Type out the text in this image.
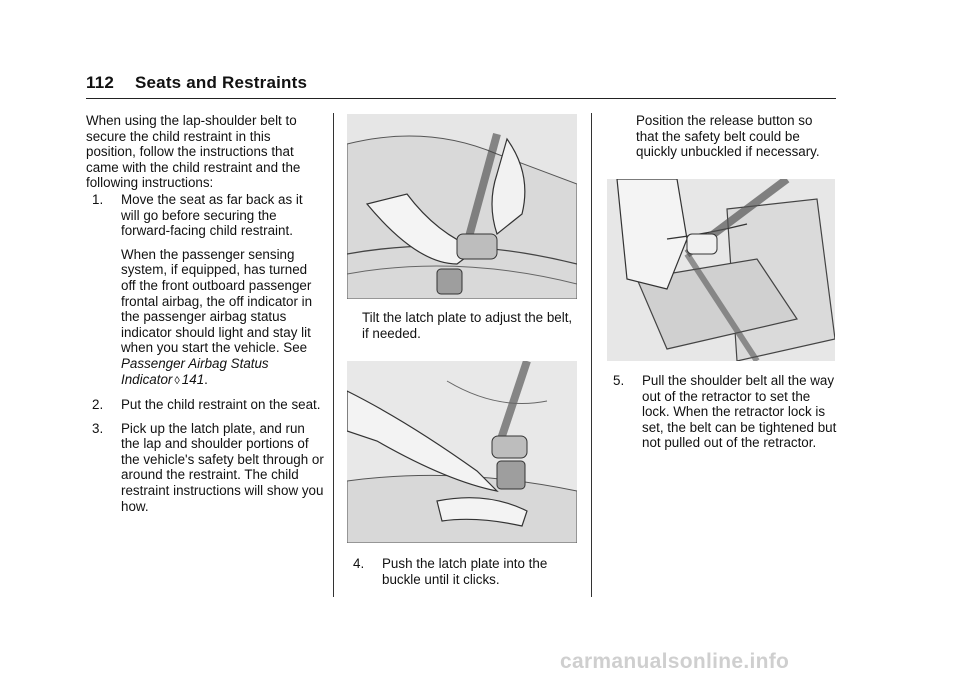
112 Seats and Restraints

When using the lap-shoulder belt to secure the child restraint in this position, follow the instructions that came with the child restraint and the following instructions:

1. Move the seat as far back as it will go before securing the forward-facing child restraint.
When the passenger sensing system, if equipped, has turned off the front outboard passenger frontal airbag, the off indicator in the passenger airbag status indicator should light and stay lit when you start the vehicle. See Passenger Airbag Status Indicator ◊ 141.
2. Put the child restraint on the seat.
3. Pick up the latch plate, and run the lap and shoulder portions of the vehicle's safety belt through or around the restraint. The child restraint instructions will show you how.

Tilt the latch plate to adjust the belt, if needed.

4. Push the latch plate into the buckle until it clicks.

Position the release button so that the safety belt could be quickly unbuckled if necessary.

5. Pull the shoulder belt all the way out of the retractor to set the lock. When the retractor lock is set, the belt can be tightened but not pulled out of the retractor.
carmanualsonline.info
